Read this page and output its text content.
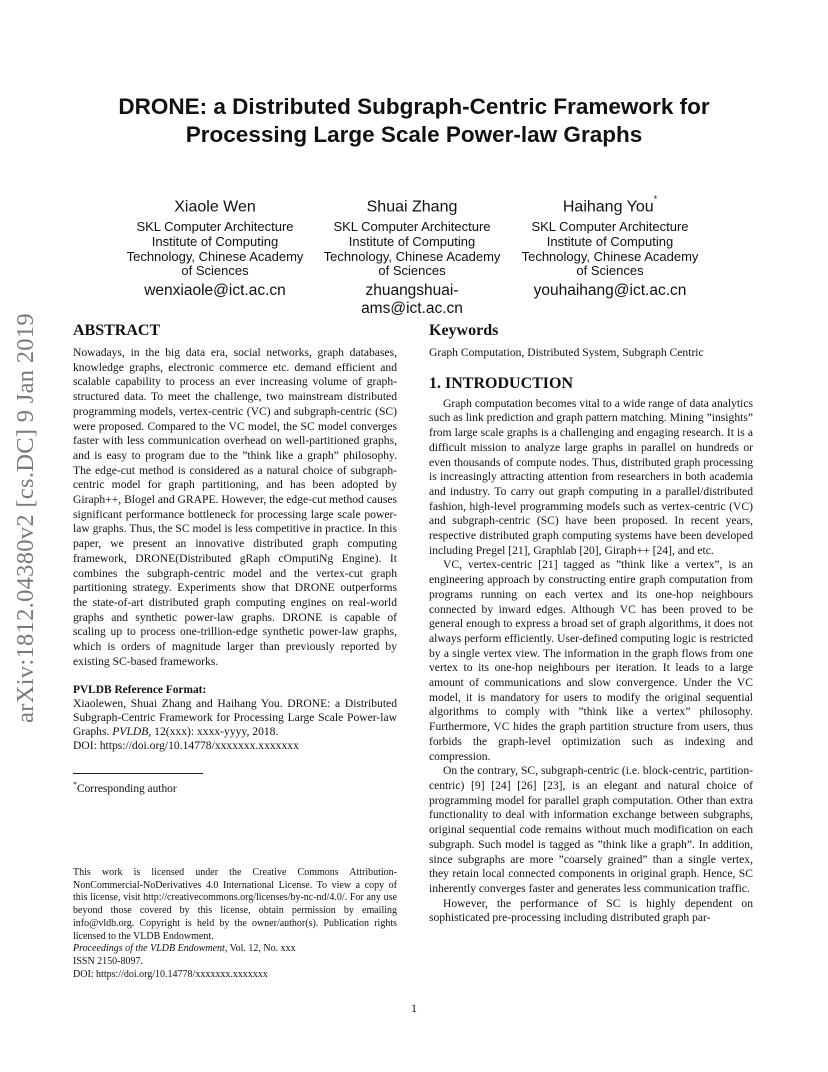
arXiv:1812.04380v2 [cs.DC] 9 Jan 2019
DRONE: a Distributed Subgraph-Centric Framework for
Processing Large Scale Power-law Graphs
Xiaole Wen
SKL Computer Architecture
Institute of Computing
Technology, Chinese Academy
of Sciences
wenxiaole@ict.ac.cn
Shuai Zhang
SKL Computer Architecture
Institute of Computing
Technology, Chinese Academy
of Sciences
zhuangshuai-
ams@ict.ac.cn
Haihang You*
SKL Computer Architecture
Institute of Computing
Technology, Chinese Academy
of Sciences
youhaihang@ict.ac.cn
ABSTRACT

Nowadays, in the big data era, social networks, graph databases, knowledge graphs, electronic commerce etc. demand efficient and scalable capability to process an ever increasing volume of graph-structured data. To meet the challenge, two mainstream distributed programming models, vertex-centric (VC) and subgraph-centric (SC) were proposed. Compared to the VC model, the SC model converges faster with less communication overhead on well-partitioned graphs, and is easy to program due to the ”think like a graph” philosophy. The edge-cut method is considered as a natural choice of subgraph-centric model for graph partitioning, and has been adopted by Giraph++, Blogel and GRAPE. However, the edge-cut method causes significant performance bottleneck for processing large scale power-law graphs. Thus, the SC model is less competitive in practice. In this paper, we present an innovative distributed graph computing framework, DRONE(Distributed gRaph cOmputiNg Engine). It combines the subgraph-centric model and the vertex-cut graph partitioning strategy. Experiments show that DRONE outperforms the state-of-art distributed graph computing engines on real-world graphs and synthetic power-law graphs. DRONE is capable of scaling up to process one-trillion-edge synthetic power-law graphs, which is orders of magnitude larger than previously reported by existing SC-based frameworks.

PVLDB Reference Format:

Xiaolewen, Shuai Zhang and Haihang You. DRONE: a Distributed Subgraph-Centric Framework for Processing Large Scale Power-law Graphs. PVLDB, 12(xxx): xxxx-yyyy, 2018.
DOI: https://doi.org/10.14778/xxxxxxx.xxxxxxx

*Corresponding author

This work is licensed under the Creative Commons Attribution-NonCommercial-NoDerivatives 4.0 International License. To view a copy of this license, visit http://creativecommons.org/licenses/by-nc-nd/4.0/. For any use beyond those covered by this license, obtain permission by emailing info@vldb.org. Copyright is held by the owner/author(s). Publication rights licensed to the VLDB Endowment.

Proceedings of the VLDB Endowment, Vol. 12, No. xxx

ISSN 2150-8097.

DOI: https://doi.org/10.14778/xxxxxxx.xxxxxxx

Keywords

Graph Computation, Distributed System, Subgraph Centric

1. INTRODUCTION

Graph computation becomes vital to a wide range of data analytics such as link prediction and graph pattern matching. Mining ”insights” from large scale graphs is a challenging and engaging research. It is a difficult mission to analyze large graphs in parallel on hundreds or even thousands of compute nodes. Thus, distributed graph processing is increasingly attracting attention from researchers in both academia and industry. To carry out graph computing in a parallel/distributed fashion, high-level programming models such as vertex-centric (VC) and subgraph-centric (SC) have been proposed. In recent years, respective distributed graph computing systems have been developed including Pregel [21], Graphlab [20], Giraph++ [24], and etc.

VC, vertex-centric [21] tagged as ”think like a vertex”, is an engineering approach by constructing entire graph computation from programs running on each vertex and its one-hop neighbours connected by inward edges. Although VC has been proved to be general enough to express a broad set of graph algorithms, it does not always perform efficiently. User-defined computing logic is restricted by a single vertex view. The information in the graph flows from one vertex to its one-hop neighbours per iteration. It leads to a large amount of communications and slow convergence. Under the VC model, it is mandatory for users to modify the original sequential algorithms to comply with ”think like a vertex” philosophy. Furthermore, VC hides the graph partition structure from users, thus forbids the graph-level optimization such as indexing and compression.

On the contrary, SC, subgraph-centric (i.e. block-centric, partition-centric) [9] [24] [26] [23], is an elegant and natural choice of programming model for parallel graph computation. Other than extra functionality to deal with information exchange between subgraphs, original sequential code remains without much modification on each subgraph. Such model is tagged as ”think like a graph”. In addition, since subgraphs are more ”coarsely grained” than a single vertex, they retain local connected components in original graph. Hence, SC inherently converges faster and generates less communication traffic.

However, the performance of SC is highly dependent on sophisticated pre-processing including distributed graph par-

1
